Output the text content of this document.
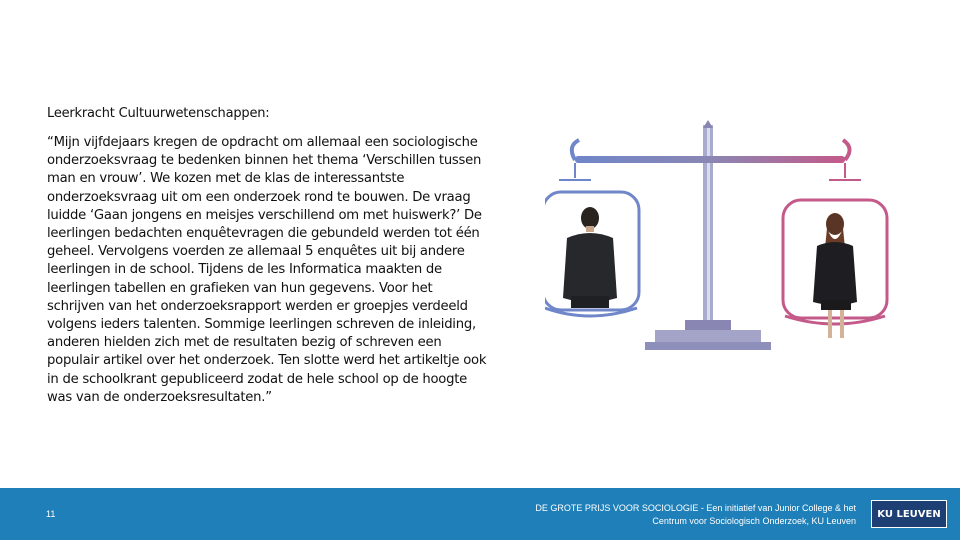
Leerkracht Cultuurwetenschappen:

“Mijn vijfdejaars kregen de opdracht om allemaal een sociologische onderzoeksvraag te bedenken binnen het thema ‘Verschillen tussen man en vrouw’. We kozen met de klas de interessantste onderzoeksvraag uit om een onderzoek rond te bouwen. De vraag luidde ‘Gaan jongens en meisjes verschillend om met huiswerk?’ De leerlingen bedachten enquêtevragen die gebundeld werden tot één geheel. Vervolgens voerden ze allemaal 5 enquêtes uit bij andere leerlingen in de school. Tijdens de les Informatica maakten de leerlingen tabellen en grafieken van hun gegevens. Voor het schrijven van het onderzoeksrapport werden er groepjes verdeeld volgens ieders talenten. Sommige leerlingen schreven de inleiding, anderen hielden zich met de resultaten bezig of schreven een populair artikel over het onderzoek. Ten slotte werd het artikeltje ook in de schoolkrant gepubliceerd zodat de hele school op de hoogte was van de onderzoeksresultaten.”

11
DE GROTE PRIJS VOOR SOCIOLOGIE - Een initiatief van Junior College & het
Centrum voor Sociologisch Onderzoek, KU Leuven
KU LEUVEN
